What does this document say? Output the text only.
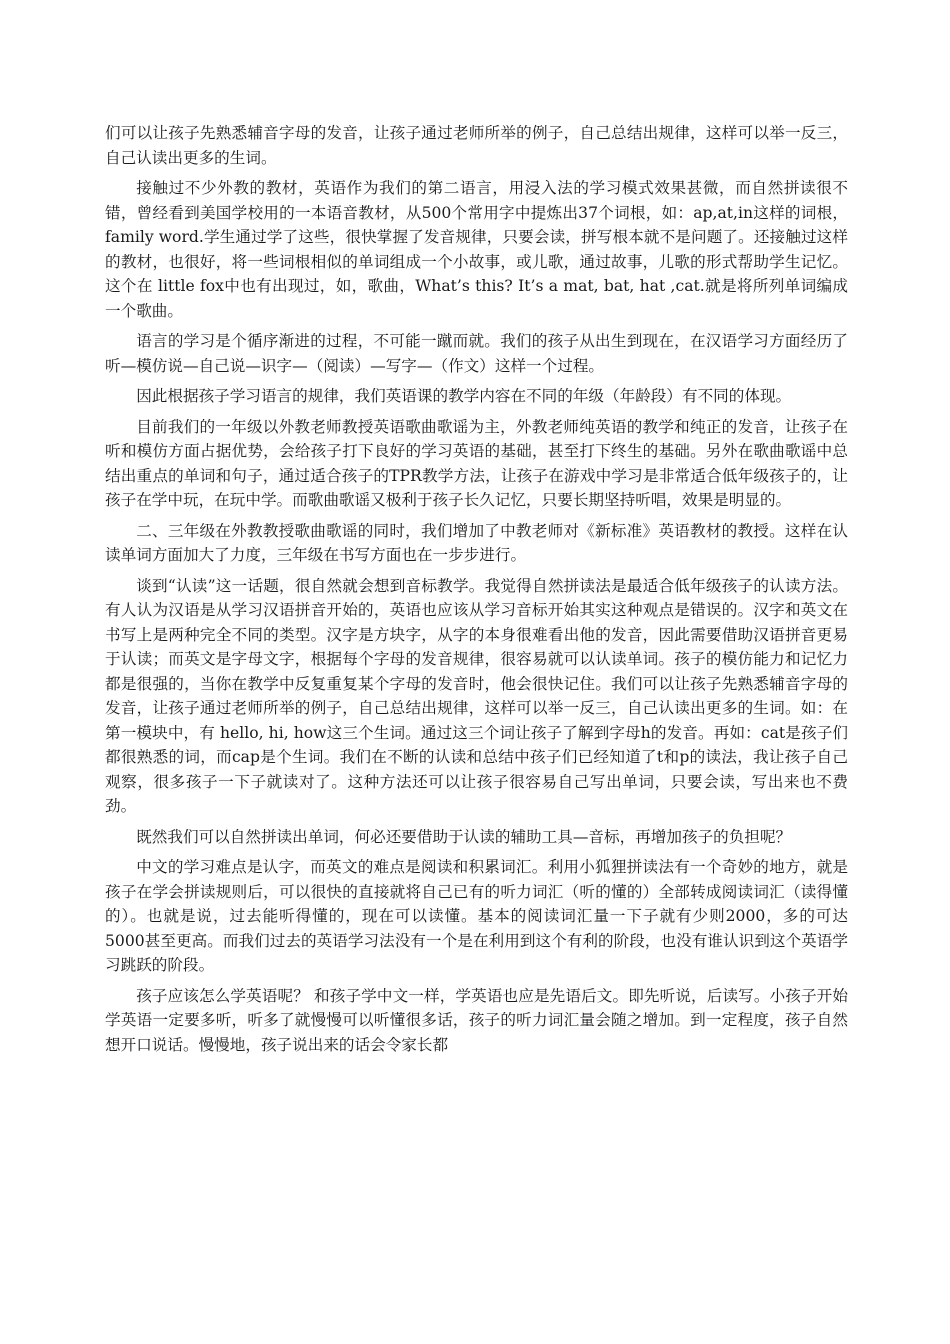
们可以让孩子先熟悉辅音字母的发音，让孩子通过老师所举的例子，自己总结出规律，这样可以举一反三，自己认读出更多的生词。

接触过不少外教的教材，英语作为我们的第二语言，用浸入法的学习模式效果甚微，而自然拼读很不错，曾经看到美国学校用的一本语音教材，从500个常用字中提炼出37个词根，如：ap,at,in这样的词根，family word.学生通过学了这些，很快掌握了发音规律，只要会读，拼写根本就不是问题了。还接触过这样的教材，也很好，将一些词根相似的单词组成一个小故事，或儿歌，通过故事，儿歌的形式帮助学生记忆。这个在 little fox中也有出现过，如，歌曲，What’s this? It’s a mat, bat, hat ,cat.就是将所列单词编成一个歌曲。

语言的学习是个循序渐进的过程，不可能一蹴而就。我们的孩子从出生到现在，在汉语学习方面经历了听—模仿说—自己说—识字—（阅读）—写字—（作文）这样一个过程。

因此根据孩子学习语言的规律，我们英语课的教学内容在不同的年级（年龄段）有不同的体现。

目前我们的一年级以外教老师教授英语歌曲歌谣为主，外教老师纯英语的教学和纯正的发音，让孩子在听和模仿方面占据优势，会给孩子打下良好的学习英语的基础，甚至打下终生的基础。另外在歌曲歌谣中总结出重点的单词和句子，通过适合孩子的TPR教学方法，让孩子在游戏中学习是非常适合低年级孩子的，让孩子在学中玩，在玩中学。而歌曲歌谣又极利于孩子长久记忆，只要长期坚持听唱，效果是明显的。

二、三年级在外教教授歌曲歌谣的同时，我们增加了中教老师对《新标准》英语教材的教授。这样在认读单词方面加大了力度，三年级在书写方面也在一步步进行。

谈到“认读”这一话题，很自然就会想到音标教学。我觉得自然拼读法是最适合低年级孩子的认读方法。有人认为汉语是从学习汉语拼音开始的，英语也应该从学习音标开始其实这种观点是错误的。汉字和英文在书写上是两种完全不同的类型。汉字是方块字，从字的本身很难看出他的发音，因此需要借助汉语拼音更易于认读；而英文是字母文字，根据每个字母的发音规律，很容易就可以认读单词。孩子的模仿能力和记忆力都是很强的，当你在教学中反复重复某个字母的发音时，他会很快记住。我们可以让孩子先熟悉辅音字母的发音，让孩子通过老师所举的例子，自己总结出规律，这样可以举一反三，自己认读出更多的生词。如：在第一模块中，有 hello, hi, how这三个生词。通过这三个词让孩子了解到字母h的发音。再如：cat是孩子们都很熟悉的词，而cap是个生词。我们在不断的认读和总结中孩子们已经知道了t和p的读法，我让孩子自己观察，很多孩子一下子就读对了。这种方法还可以让孩子很容易自己写出单词，只要会读，写出来也不费劲。

既然我们可以自然拼读出单词，何必还要借助于认读的辅助工具—音标，再增加孩子的负担呢？

中文的学习难点是认字，而英文的难点是阅读和积累词汇。利用小狐狸拼读法有一个奇妙的地方，就是孩子在学会拼读规则后，可以很快的直接就将自己已有的听力词汇（听的懂的）全部转成阅读词汇（读得懂的）。也就是说，过去能听得懂的，现在可以读懂。基本的阅读词汇量一下子就有少则2000，多的可达 5000甚至更高。而我们过去的英语学习法没有一个是在利用到这个有利的阶段，也没有谁认识到这个英语学习跳跃的阶段。

孩子应该怎么学英语呢？ 和孩子学中文一样，学英语也应是先语后文。即先听说，后读写。小孩子开始学英语一定要多听，听多了就慢慢可以听懂很多话，孩子的听力词汇量会随之增加。到一定程度，孩子自然想开口说话。慢慢地，孩子说出来的话会令家长都
